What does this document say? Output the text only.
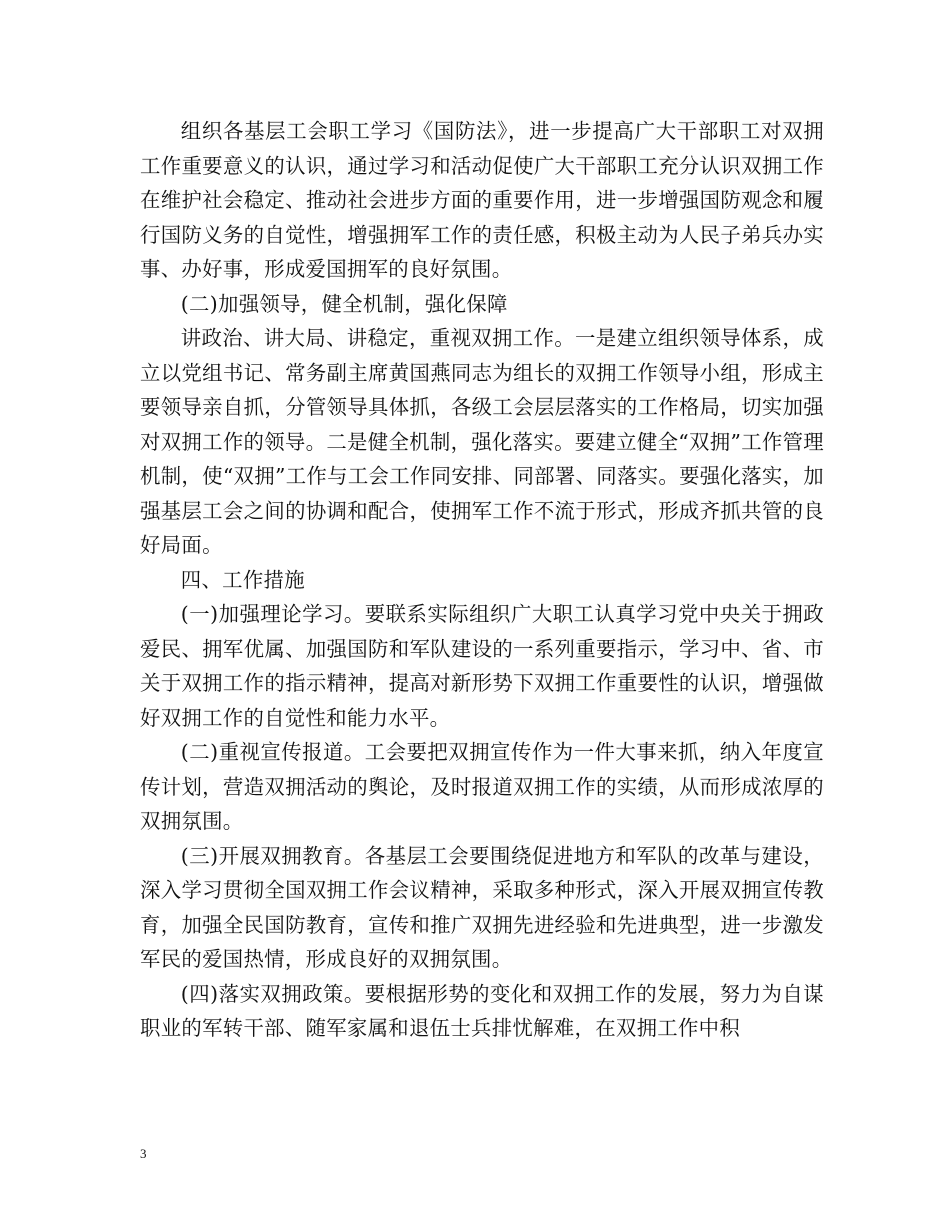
组织各基层工会职工学习《国防法》，进一步提高广大干部职工对双拥工作重要意义的认识，通过学习和活动促使广大干部职工充分认识双拥工作在维护社会稳定、推动社会进步方面的重要作用，进一步增强国防观念和履行国防义务的自觉性，增强拥军工作的责任感，积极主动为人民子弟兵办实事、办好事，形成爱国拥军的良好氛围。

(二)加强领导，健全机制，强化保障

讲政治、讲大局、讲稳定，重视双拥工作。一是建立组织领导体系，成立以党组书记、常务副主席黄国燕同志为组长的双拥工作领导小组，形成主要领导亲自抓，分管领导具体抓，各级工会层层落实的工作格局，切实加强对双拥工作的领导。二是健全机制，强化落实。要建立健全“双拥”工作管理机制，使“双拥”工作与工会工作同安排、同部署、同落实。要强化落实，加强基层工会之间的协调和配合，使拥军工作不流于形式，形成齐抓共管的良好局面。

四、工作措施

(一)加强理论学习。要联系实际组织广大职工认真学习党中央关于拥政爱民、拥军优属、加强国防和军队建设的一系列重要指示，学习中、省、市关于双拥工作的指示精神，提高对新形势下双拥工作重要性的认识，增强做好双拥工作的自觉性和能力水平。

(二)重视宣传报道。工会要把双拥宣传作为一件大事来抓，纳入年度宣传计划，营造双拥活动的舆论，及时报道双拥工作的实绩，从而形成浓厚的双拥氛围。

(三)开展双拥教育。各基层工会要围绕促进地方和军队的改革与建设，深入学习贯彻全国双拥工作会议精神，采取多种形式，深入开展双拥宣传教育，加强全民国防教育，宣传和推广双拥先进经验和先进典型，进一步激发军民的爱国热情，形成良好的双拥氛围。

(四)落实双拥政策。要根据形势的变化和双拥工作的发展，努力为自谋职业的军转干部、随军家属和退伍士兵排忧解难，在双拥工作中积

3
